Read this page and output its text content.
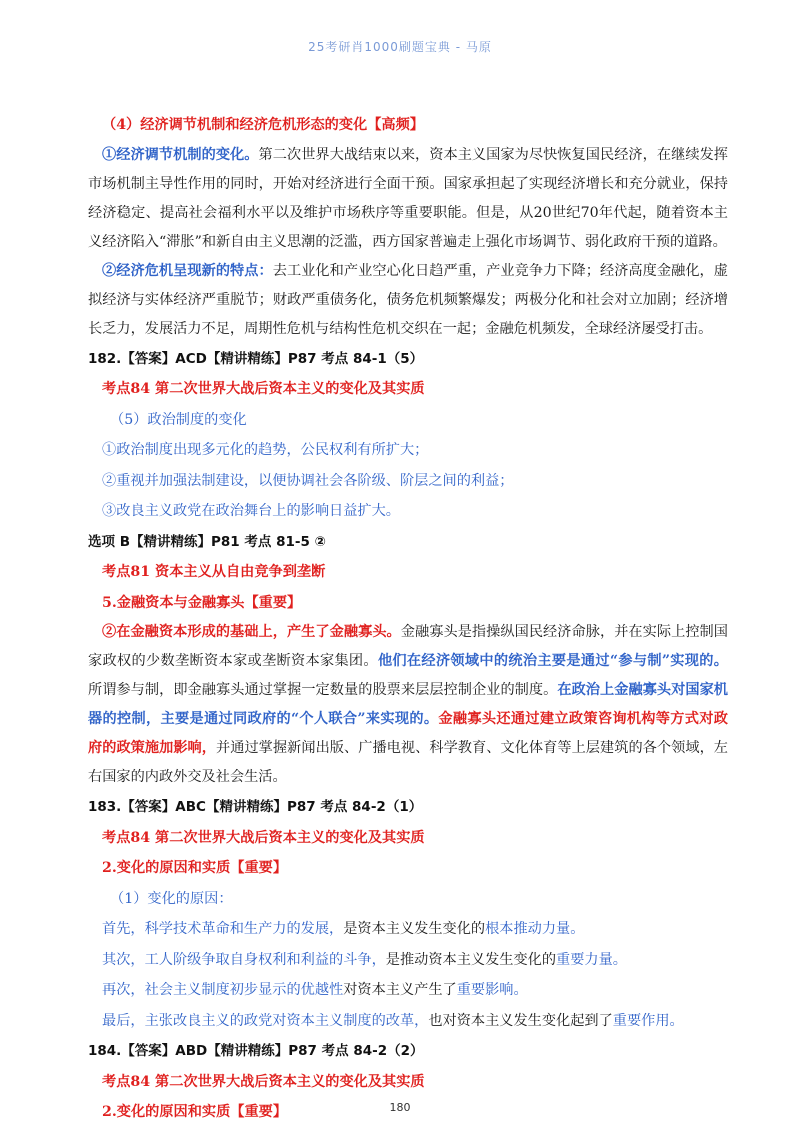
25考研肖1000刷题宝典 - 马原
（4）经济调节机制和经济危机形态的变化【高频】
①经济调节机制的变化。第二次世界大战结束以来，资本主义国家为尽快恢复国民经济，在继续发挥市场机制主导性作用的同时，开始对经济进行全面干预。国家承担起了实现经济增长和充分就业，保持经济稳定、提高社会福利水平以及维护市场秩序等重要职能。但是，从20世纪70年代起，随着资本主义经济陷入“滞胀”和新自由主义思潮的泛滥，西方国家普遍走上强化市场调节、弱化政府干预的道路。
②经济危机呈现新的特点：去工业化和产业空心化日趋严重，产业竞争力下降；经济高度金融化，虚拟经济与实体经济严重脱节；财政严重债务化，债务危机频繁爆发；两极分化和社会对立加剧；经济增长乏力，发展活力不足，周期性危机与结构性危机交织在一起；金融危机频发，全球经济屡受打击。
182.【答案】ACD【精讲精练】P87 考点 84-1（5）
考点84 第二次世界大战后资本主义的变化及其实质
（5）政治制度的变化
①政治制度出现多元化的趋势，公民权利有所扩大；
②重视并加强法制建设，以便协调社会各阶级、阶层之间的利益；
③改良主义政党在政治舞台上的影响日益扩大。
选项 B【精讲精练】P81 考点 81-5 ②
考点81 资本主义从自由竞争到垄断
5.金融资本与金融寡头【重要】
②在金融资本形成的基础上，产生了金融寡头。金融寡头是指操纵国民经济命脉，并在实际上控制国家政权的少数垄断资本家或垄断资本家集团。他们在经济领域中的统治主要是通过“参与制”实现的。所谓参与制，即金融寡头通过掌握一定数量的股票来层层控制企业的制度。在政治上金融寡头对国家机器的控制，主要是通过同政府的“个人联合”来实现的。金融寡头还通过建立政策咨询机构等方式对政府的政策施加影响，并通过掌握新闻出版、广播电视、科学教育、文化体育等上层建筑的各个领域，左右国家的内政外交及社会生活。
183.【答案】ABC【精讲精练】P87 考点 84-2（1）
考点84 第二次世界大战后资本主义的变化及其实质
2.变化的原因和实质【重要】
（1）变化的原因：
首先，科学技术革命和生产力的发展，是资本主义发生变化的根本推动力量。
其次，工人阶级争取自身权利和利益的斗争，是推动资本主义发生变化的重要力量。
再次，社会主义制度初步显示的优越性对资本主义产生了重要影响。
最后，主张改良主义的政党对资本主义制度的改革，也对资本主义发生变化起到了重要作用。
184.【答案】ABD【精讲精练】P87 考点 84-2（2）
考点84 第二次世界大战后资本主义的变化及其实质
2.变化的原因和实质【重要】	180
